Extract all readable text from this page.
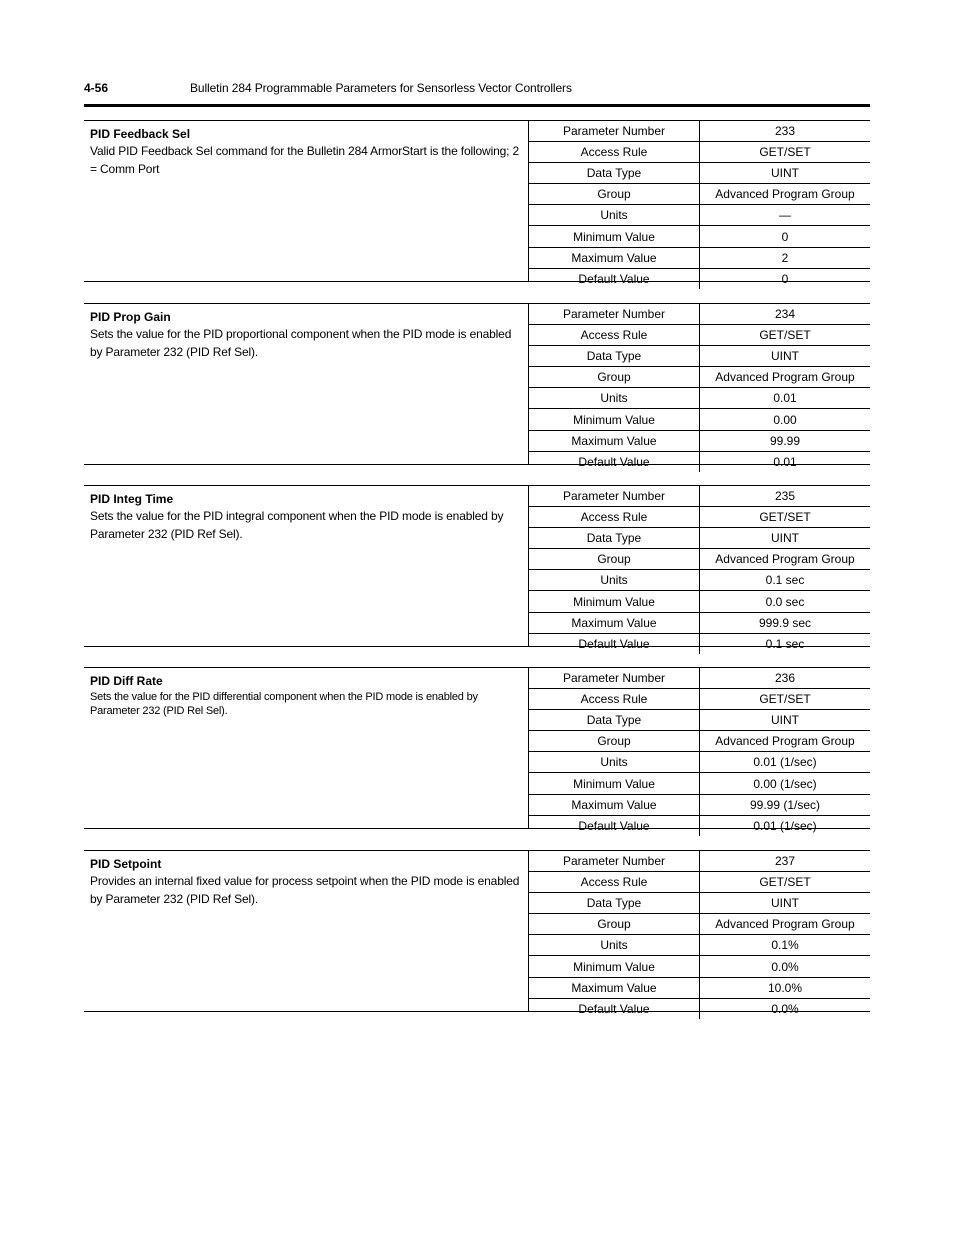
4-56	Bulletin 284 Programmable Parameters for Sensorless Vector Controllers
PID Feedback Sel
Valid PID Feedback Sel command for the Bulletin 284 ArmorStart is the following; 2 = Comm Port
Parameter Number	233
Access Rule	GET/SET
Data Type	UINT
Group	Advanced Program Group
Units	—
Minimum Value	0
Maximum Value	2
Default Value	0
PID Prop Gain
Sets the value for the PID proportional component when the PID mode is enabled by Parameter 232 (PID Ref Sel).
Parameter Number	234
Access Rule	GET/SET
Data Type	UINT
Group	Advanced Program Group
Units	0.01
Minimum Value	0.00
Maximum Value	99.99
Default Value	0.01
PID Integ Time
Sets the value for the PID integral component when the PID mode is enabled by Parameter 232 (PID Ref Sel).
Parameter Number	235
Access Rule	GET/SET
Data Type	UINT
Group	Advanced Program Group
Units	0.1 sec
Minimum Value	0.0 sec
Maximum Value	999.9 sec
Default Value	0.1 sec
PID Diff Rate
Sets the value for the PID differential component when the PID mode is enabled by Parameter 232 (PID Rel Sel).
Parameter Number	236
Access Rule	GET/SET
Data Type	UINT
Group	Advanced Program Group
Units	0.01 (1/sec)
Minimum Value	0.00 (1/sec)
Maximum Value	99.99 (1/sec)
Default Value	0.01 (1/sec)
PID Setpoint
Provides an internal fixed value for process setpoint when the PID mode is enabled by Parameter 232 (PID Ref Sel).
Parameter Number	237
Access Rule	GET/SET
Data Type	UINT
Group	Advanced Program Group
Units	0.1%
Minimum Value	0.0%
Maximum Value	10.0%
Default Value	0.0%
